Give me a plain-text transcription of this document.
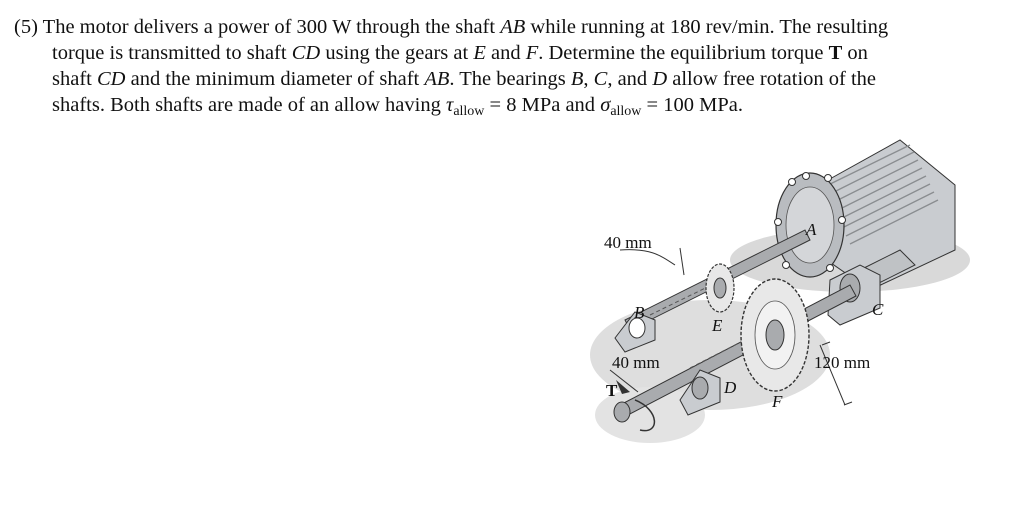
(5) The motor delivers a power of 300 W through the shaft AB while running at 180 rev/min. The resulting
torque is transmitted to shaft CD using the gears at E and F. Determine the equilibrium torque T on
shaft CD and the minimum diameter of shaft AB. The bearings B, C, and D allow free rotation of the
shafts. Both shafts are made of an allow having $\tau_{allow} = 8$ MPa and $\sigma_{allow} = 100$ MPa.
40 mm
40 mm	120 mm
A
B	C
D
E
F
T
